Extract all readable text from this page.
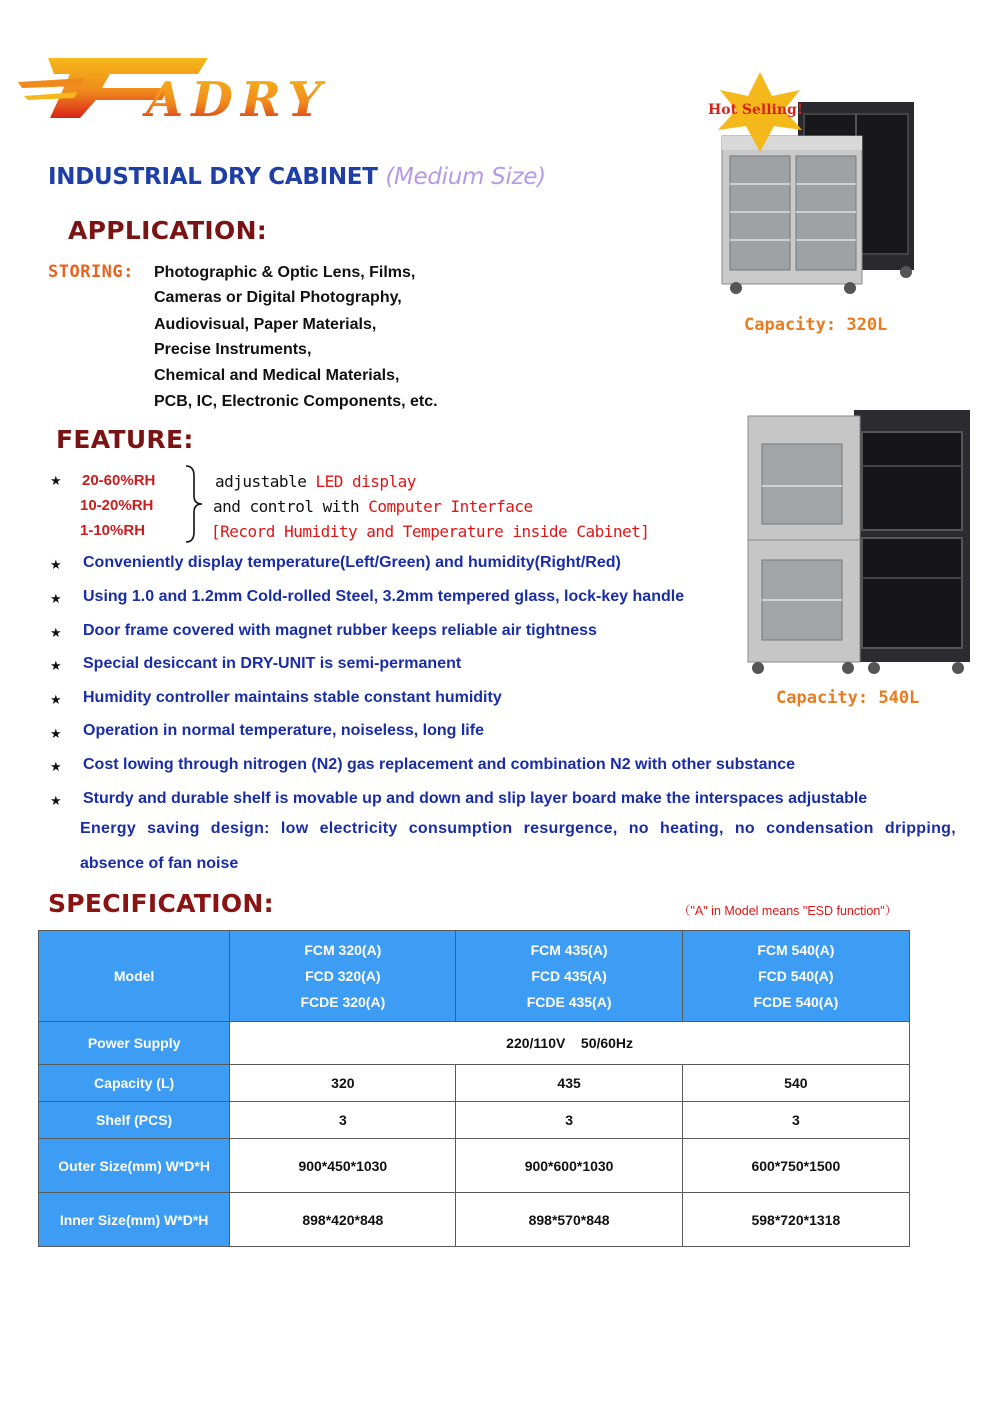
ADRY
INDUSTRIAL DRY CABINET (Medium Size)
APPLICATION:
STORING: Photographic & Optic Lens, Films,
Cameras or Digital Photography,
Audiovisual, Paper Materials,
Precise Instruments,
Chemical and Medical Materials,
PCB, IC, Electronic Components, etc.
Hot Selling!
Capacity: 320L
Capacity: 540L
FEATURE:
★ 20-60%RH
10-20%RH
1-10%RH
adjustable LED display
and control with Computer Interface
[Record Humidity and Temperature inside Cabinet]
★ Conveniently display temperature(Left/Green) and humidity(Right/Red)
★ Using 1.0 and 1.2mm Cold-rolled Steel, 3.2mm tempered glass, lock-key handle
★ Door frame covered with magnet rubber keeps reliable air tightness
★ Special desiccant in DRY-UNIT is semi-permanent
★ Humidity controller maintains stable constant humidity
★ Operation in normal temperature, noiseless, long life
★ Cost lowing through nitrogen (N2) gas replacement and combination N2 with other substance
★ Sturdy and durable shelf is movable up and down and slip layer board make the interspaces adjustable
Energy saving design: low electricity consumption resurgence, no heating, no condensation dripping,
absence of fan noise
SPECIFICATION:	（"A" in Model means "ESD function"）
Model	FCM 320(A)
FCD 320(A)
FCDE 320(A)	FCM 435(A)
FCD 435(A)
FCDE 435(A)	FCM 540(A)
FCD 540(A)
FCDE 540(A)

Power Supply	220/110V    50/60Hz		
Capacity (L)	320	435	540
Shelf (PCS)	3	3	3
Outer Size(mm) W*D*H	900*450*1030	900*600*1030	600*750*1500
Inner Size(mm) W*D*H	898*420*848	898*570*848	598*720*1318
